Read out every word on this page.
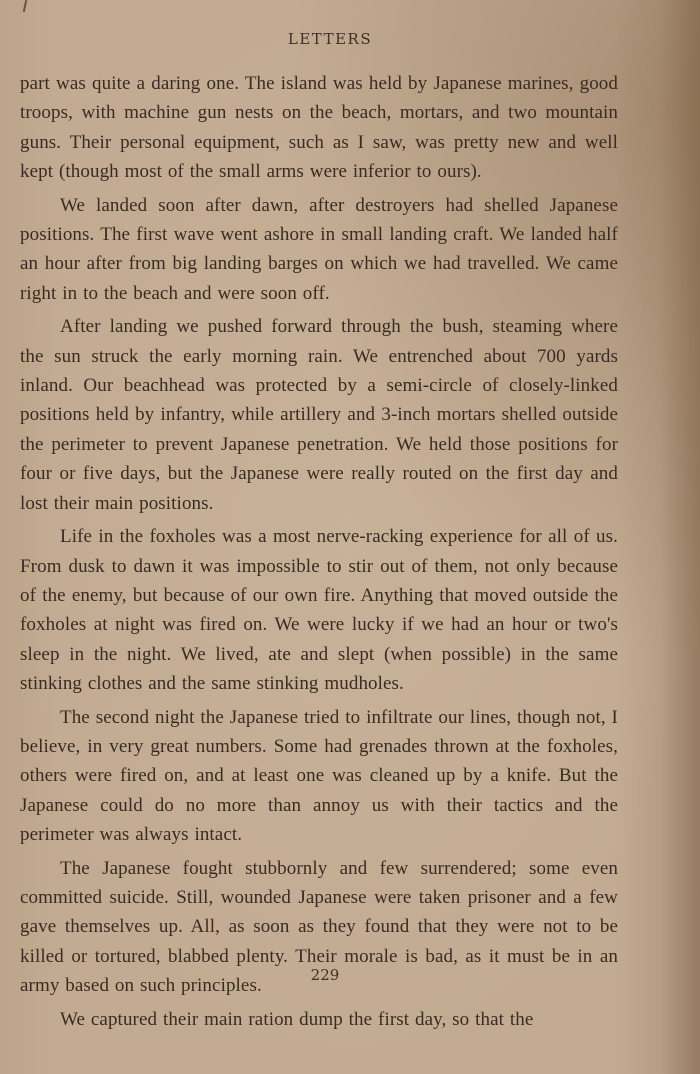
LETTERS

part was quite a daring one. The island was held by Japanese marines, good troops, with machine gun nests on the beach, mortars, and two mountain guns. Their personal equipment, such as I saw, was pretty new and well kept (though most of the small arms were inferior to ours).

We landed soon after dawn, after destroyers had shelled Japanese positions. The first wave went ashore in small landing craft. We landed half an hour after from big landing barges on which we had travelled. We came right in to the beach and were soon off.

After landing we pushed forward through the bush, steaming where the sun struck the early morning rain. We entrenched about 700 yards inland. Our beachhead was protected by a semi-circle of closely-linked positions held by infantry, while artillery and 3-inch mortars shelled outside the perimeter to prevent Japanese penetration. We held those positions for four or five days, but the Japanese were really routed on the first day and lost their main positions.

Life in the foxholes was a most nerve-racking experience for all of us. From dusk to dawn it was impossible to stir out of them, not only because of the enemy, but because of our own fire. Anything that moved outside the foxholes at night was fired on. We were lucky if we had an hour or two's sleep in the night. We lived, ate and slept (when possible) in the same stinking clothes and the same stinking mudholes.

The second night the Japanese tried to infiltrate our lines, though not, I believe, in very great numbers. Some had grenades thrown at the foxholes, others were fired on, and at least one was cleaned up by a knife. But the Japanese could do no more than annoy us with their tactics and the perimeter was always intact.

The Japanese fought stubbornly and few surrendered; some even committed suicide. Still, wounded Japanese were taken prisoner and a few gave themselves up. All, as soon as they found that they were not to be killed or tortured, blabbed plenty. Their morale is bad, as it must be in an army based on such principles.

We captured their main ration dump the first day, so that the

229
